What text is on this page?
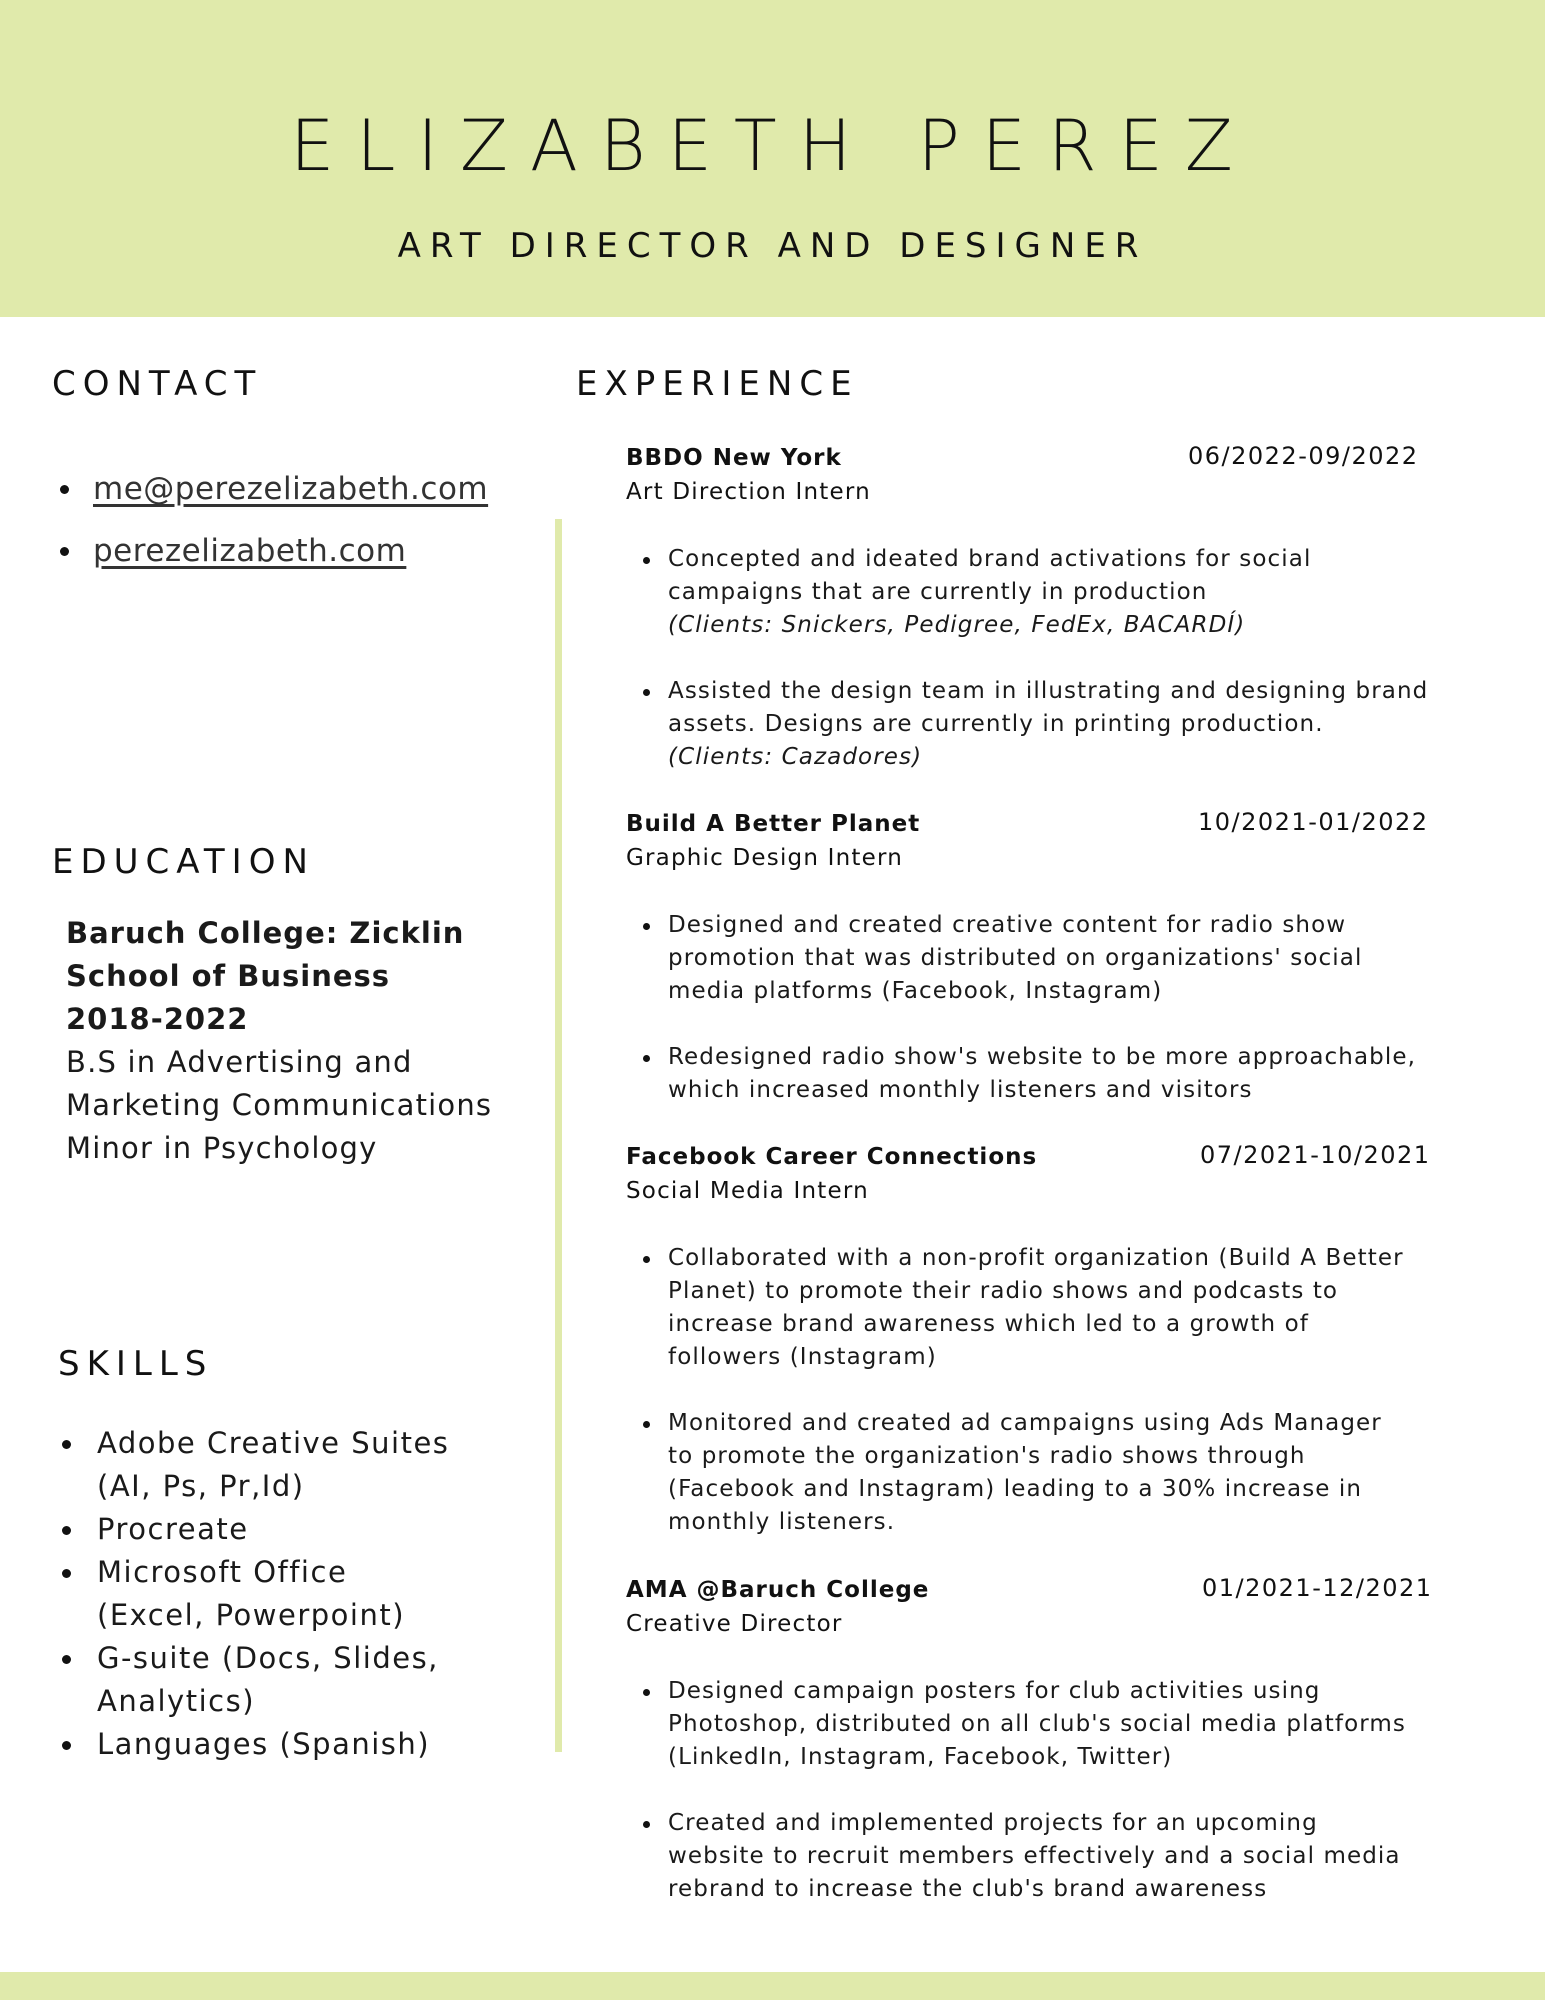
ELIZABETH PEREZ
ART DIRECTOR AND DESIGNER
CONTACT
me@perezelizabeth.com
perezelizabeth.com
EDUCATION
Baruch College: Zicklin
School of Business
2018-2022
B.S in Advertising and
Marketing Communications
Minor in Psychology
SKILLS
Adobe Creative Suites
(AI, Ps, Pr,Id)
Procreate
Microsoft Office
(Excel, Powerpoint)
G-suite (Docs, Slides,
Analytics)
Languages (Spanish)
EXPERIENCE
BBDO New York	06/2022-09/2022
Art Direction Intern
Concepted and ideated brand activations for social
campaigns that are currently in production
(Clients: Snickers, Pedigree, FedEx, BACARDÍ)
Assisted the design team in illustrating and designing brand
assets. Designs are currently in printing production.
(Clients: Cazadores)
Build A Better Planet	10/2021-01/2022
Graphic Design Intern
Designed and created creative content for radio show
promotion that was distributed on organizations' social
media platforms (Facebook, Instagram)
Redesigned radio show's website to be more approachable,
which increased monthly listeners and visitors
Facebook Career Connections	07/2021-10/2021
Social Media Intern
Collaborated with a non-profit organization (Build A Better
Planet) to promote their radio shows and podcasts to
increase brand awareness which led to a growth of
followers (Instagram)
Monitored and created ad campaigns using Ads Manager
to promote the organization's radio shows through
(Facebook and Instagram) leading to a 30% increase in
monthly listeners.
AMA @Baruch College	01/2021-12/2021
Creative Director
Designed campaign posters for club activities using
Photoshop, distributed on all club's social media platforms
(LinkedIn, Instagram, Facebook, Twitter)
Created and implemented projects for an upcoming
website to recruit members effectively and a social media
rebrand to increase the club's brand awareness
